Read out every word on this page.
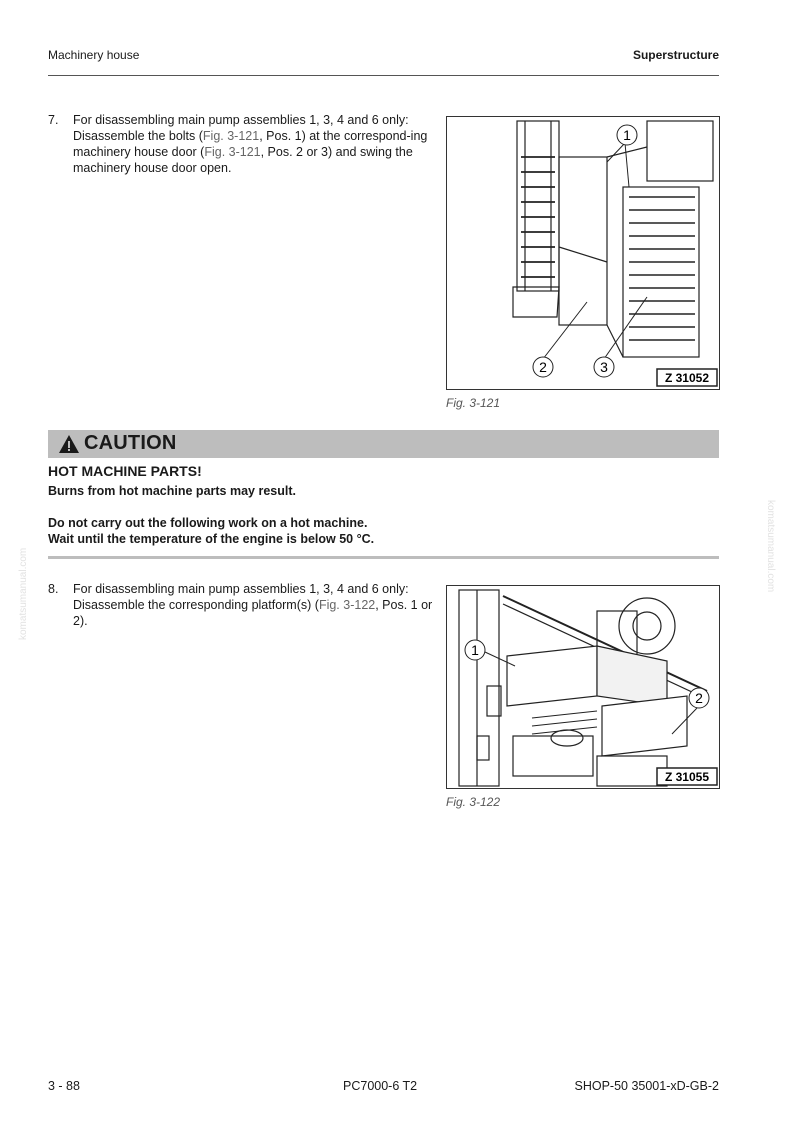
Machinery house	Superstructure
7. For disassembling main pump assemblies 1, 3, 4 and 6 only: Disassemble the bolts (Fig. 3-121, Pos. 1) at the correspond-ing machinery house door (Fig. 3-121, Pos. 2 or 3) and swing the machinery house door open.
1
2	3
Z 31052
Fig. 3-121
CAUTION
HOT MACHINE PARTS!
Burns from hot machine parts may result.
Do not carry out the following work on a hot machine.
Wait until the temperature of the engine is below 50 °C.
8. For disassembling main pump assemblies 1, 3, 4 and 6 only: Disassemble the corresponding platform(s) (Fig. 3-122, Pos. 1 or 2).
1
2
Z 31055
Fig. 3-122
komatsumanual.com
komatsumanual.com
3 - 88	PC7000-6 T2	SHOP-50 35001-xD-GB-2
